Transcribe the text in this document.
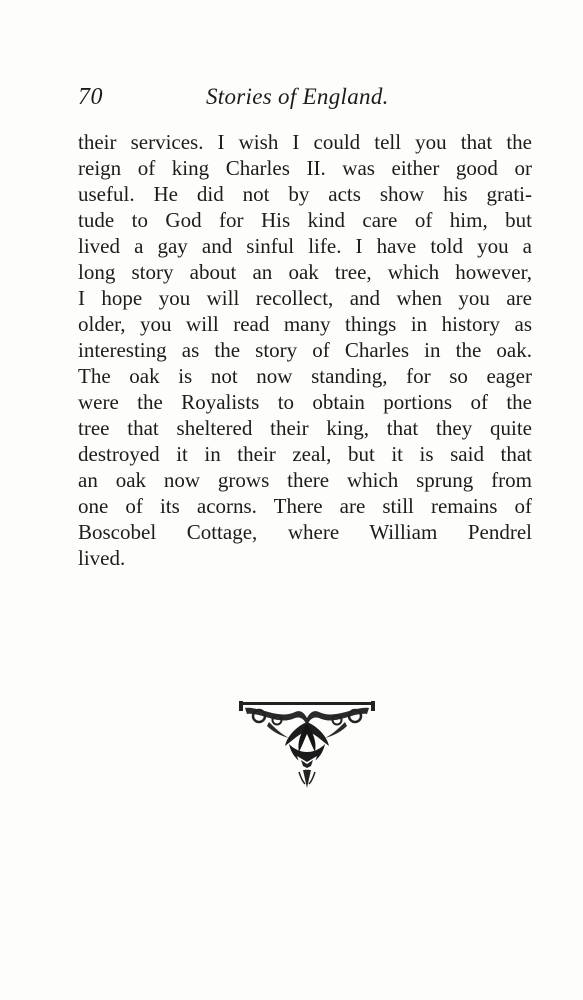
70	Stories of England.
their services. I wish I could tell you that the
reign of king Charles II. was either good or
useful. He did not by acts show his grati-
tude to God for His kind care of him, but
lived a gay and sinful life. I have told you a
long story about an oak tree, which however,
I hope you will recollect, and when you are
older, you will read many things in history as
interesting as the story of Charles in the oak.
The oak is not now standing, for so eager
were the Royalists to obtain portions of the
tree that sheltered their king, that they quite
destroyed it in their zeal, but it is said that
an oak now grows there which sprung from
one of its acorns. There are still remains of
Boscobel Cottage, where William Pendrel
lived.
